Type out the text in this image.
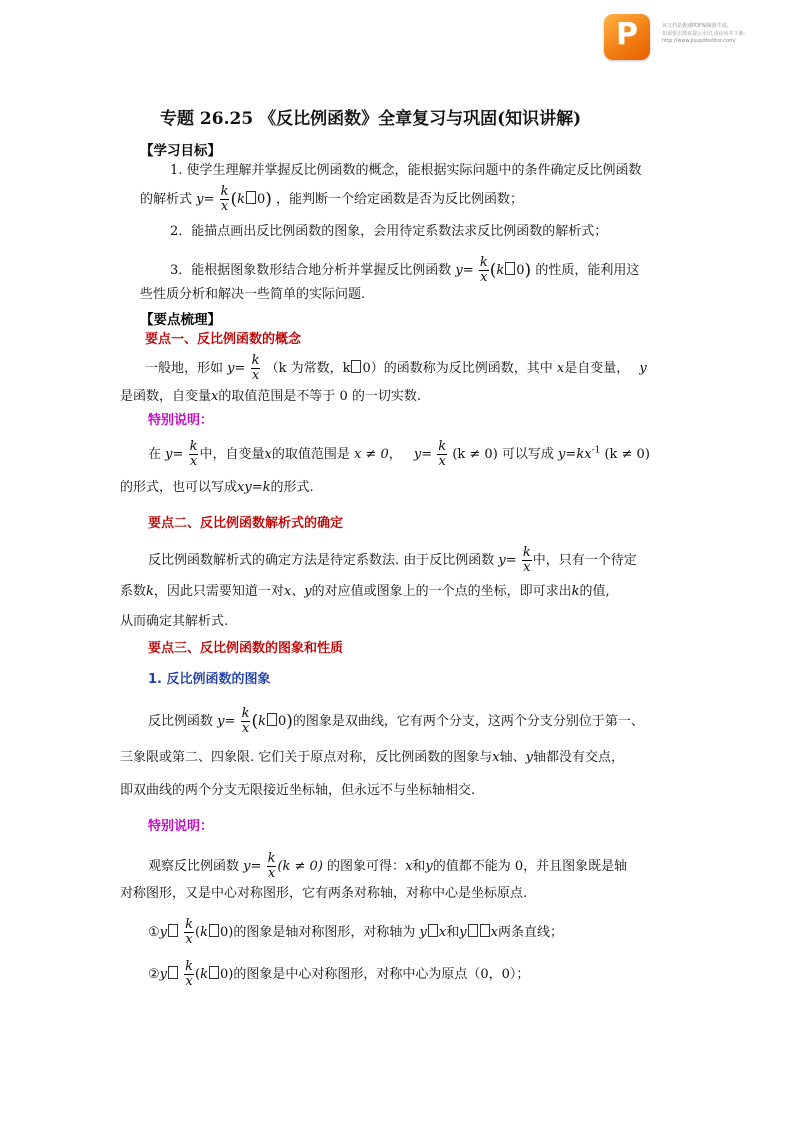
P	该文档是极速PDF编辑器生成,
如需要去掉该提示水印,请访问并下载:
http://www.jisupdfeditor.com/
专题 26.25 《反比例函数》全章复习与巩固(知识讲解)
【学习目标】
1. 使学生理解并掌握反比例函数的概念，能根据实际问题中的条件确定反比例函数
的解析式 $y= \frac{k}{x} (k$ 0) ，能判断一个给定函数是否为反比例函数；
2．能描点画出反比例函数的图象，会用待定系数法求反比例函数的解析式；
3．能根据图象数形结合地分析并掌握反比例函数 $y= \frac{k}{x} (k$ 0) 的性质，能利用这
些性质分析和解决一些简单的实际问题.
【要点梳理】
要点一、反比例函数的概念
一般地，形如 $y= \frac{k}{x} (k$ 为常数，k 0）的函数称为反比例函数，其中 x是自变量， y
是函数，自变量x的取值范围是不等于 0 的一切实数.
特别说明：
在 $y= \frac{k}{x}$ 中，自变量x的取值范围是 x ≠ 0， $y= \frac{k}{x} (k \ne 0)$ 可以写成 $y=kx^{-1}$ (k ≠ 0)
的形式，也可以写成xy=k的形式.
要点二、反比例函数解析式的确定
反比例函数解析式的确定方法是待定系数法. 由于反比例函数 $y= \frac{k}{x}$ 中，只有一个待定
系数k，因此只需要知道一对x、y的对应值或图象上的一个点的坐标，即可求出k的值,
从而确定其解析式.
要点三、反比例函数的图象和性质
1. 反比例函数的图象
反比例函数 $y= \frac{k}{x} (k$ 0)的图象是双曲线，它有两个分支，这两个分支分别位于第一、
三象限或第二、四象限. 它们关于原点对称，反比例函数的图象与x轴、y轴都没有交点，
即双曲线的两个分支无限接近坐标轴，但永远不与坐标轴相交.
特别说明：
观察反比例函数 $y= \frac{k}{x} (k \ne 0)$ 的图象可得：x和y的值都不能为 0，并且图象既是轴
对称图形，又是中心对称图形，它有两条对称轴，对称中心是坐标原点.
①y $\frac{k}{x} (k$ 0)的图象是轴对称图形，对称轴为 y x和y x两条直线；
②y $\frac{k}{x} (k$ 0)的图象是中心对称图形，对称中心为原点（0，0）；
